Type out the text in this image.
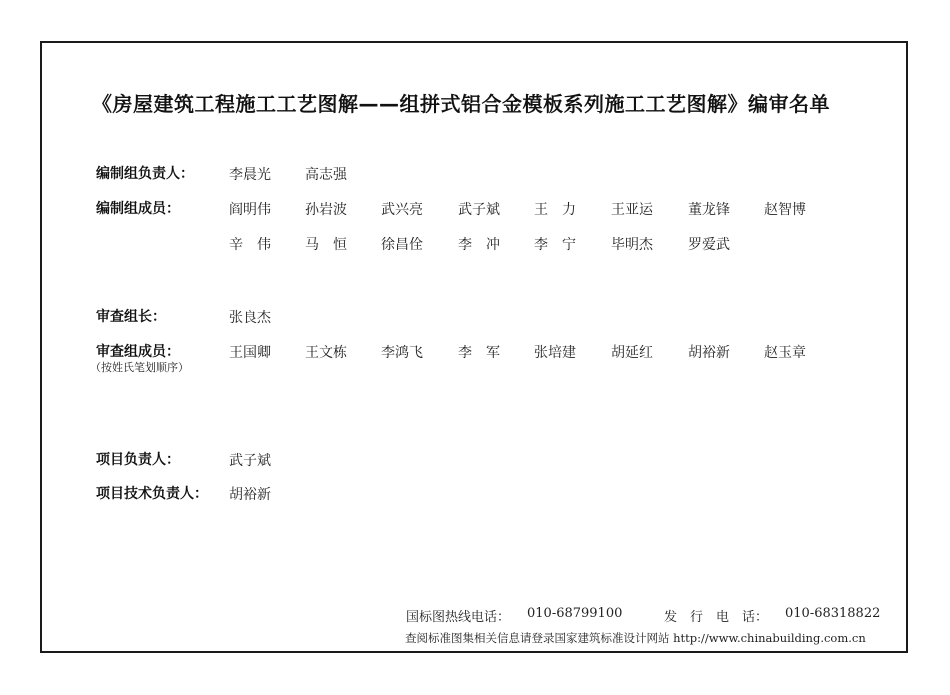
《房屋建筑工程施工工艺图解——组拼式铝合金模板系列施工工艺图解》编审名单
编制组负责人：	李晨光 高志强
编制组成员：	阎明伟 孙岩波 武兴亮	武子斌 王　力	王亚运	董龙锋 赵智博
辛　伟 马　恒 徐昌佺	李　冲 李　宁	毕明杰	罗爱武
审查组长：	张良杰
审查组成员：
（按姓氏笔划顺序）
王国卿 王文栋 李鸿飞	李　军 张培建	胡延红	胡裕新 赵玉章
项目负责人：	武子斌
项目技术负责人： 胡裕新
国标图热线电话： 010-68799100	发　行　电　话： 010-68318822
查阅标准图集相关信息请登录国家建筑标准设计网站 http://www.chinabuilding.com.cn
